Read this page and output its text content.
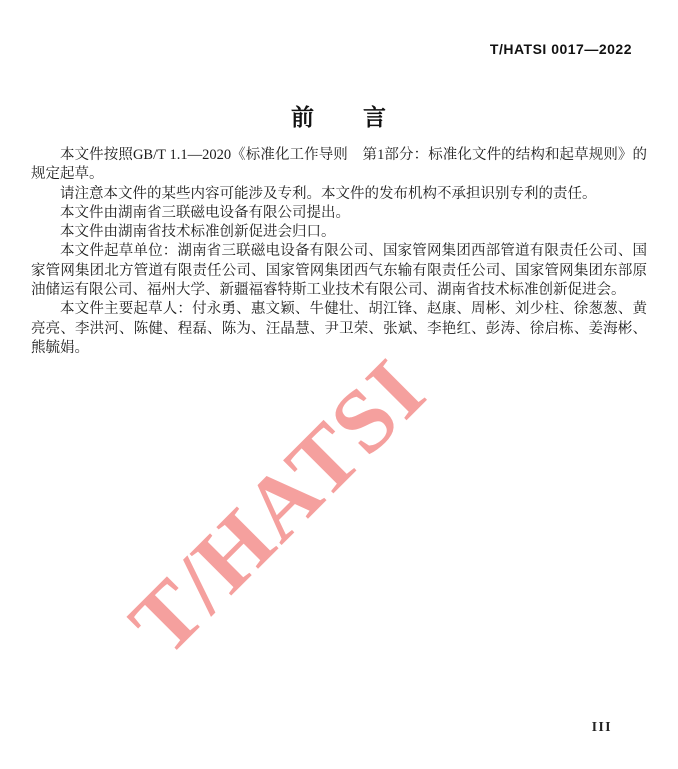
T/HATSI 0017—2022
前　　言

本文件按照GB/T 1.1—2020《标准化工作导则　第1部分：标准化文件的结构和起草规则》的规定起草。

请注意本文件的某些内容可能涉及专利。本文件的发布机构不承担识别专利的责任。

本文件由湖南省三联磁电设备有限公司提出。

本文件由湖南省技术标准创新促进会归口。

本文件起草单位：湖南省三联磁电设备有限公司、国家管网集团西部管道有限责任公司、国家管网集团北方管道有限责任公司、国家管网集团西气东输有限责任公司、国家管网集团东部原油储运有限公司、福州大学、新疆福睿特斯工业技术有限公司、湖南省技术标准创新促进会。

本文件主要起草人：付永勇、惠文颖、牛健壮、胡江锋、赵康、周彬、刘少柱、徐葱葱、黄亮亮、李洪河、陈健、程磊、陈为、汪晶慧、尹卫荣、张斌、李艳红、彭涛、徐启栋、姜海彬、熊毓娟。 T/HATSI
III
